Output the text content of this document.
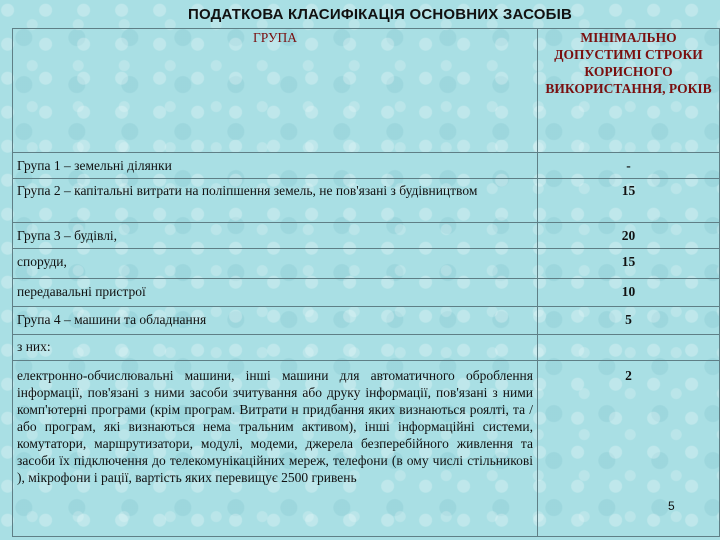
ПОДАТКОВА КЛАСИФІКАЦІЯ ОСНОВНИХ ЗАСОБІВ
ГРУПА	МІНІМАЛЬНО ДОПУСТИМІ СТРОКИ КОРИСНОГО ВИКОРИСТАННЯ, РОКІВ
Група 1 – земельні ділянки	-
Група 2 – капітальні витрати на поліпшення земель, не пов'язані з будівництвом	15
Група 3 – будівлі,	20
споруди,	15
передавальні пристрої	10
Група 4 – машини та обладнання	5
з них:	
електронно-обчислювальні машини, інші машини для автоматичного оброблення інформації, пов'язані з ними засоби зчитування або друку інформації, пов'язані з ними комп'ютерні програми (крім програм. Витрати н придбання яких визнаються роялті, та / або програм, які визнаються нема тральним активом), інші інформаційні системи, комутатори, маршрутизатори, модулі, модеми, джерела безперебійного живлення та засоби їх підключення до телекомунікаційних мереж, телефони (в ому числі стільникові ), мікрофони і рації, вартість яких перевищує 2500 гривень	2
5
